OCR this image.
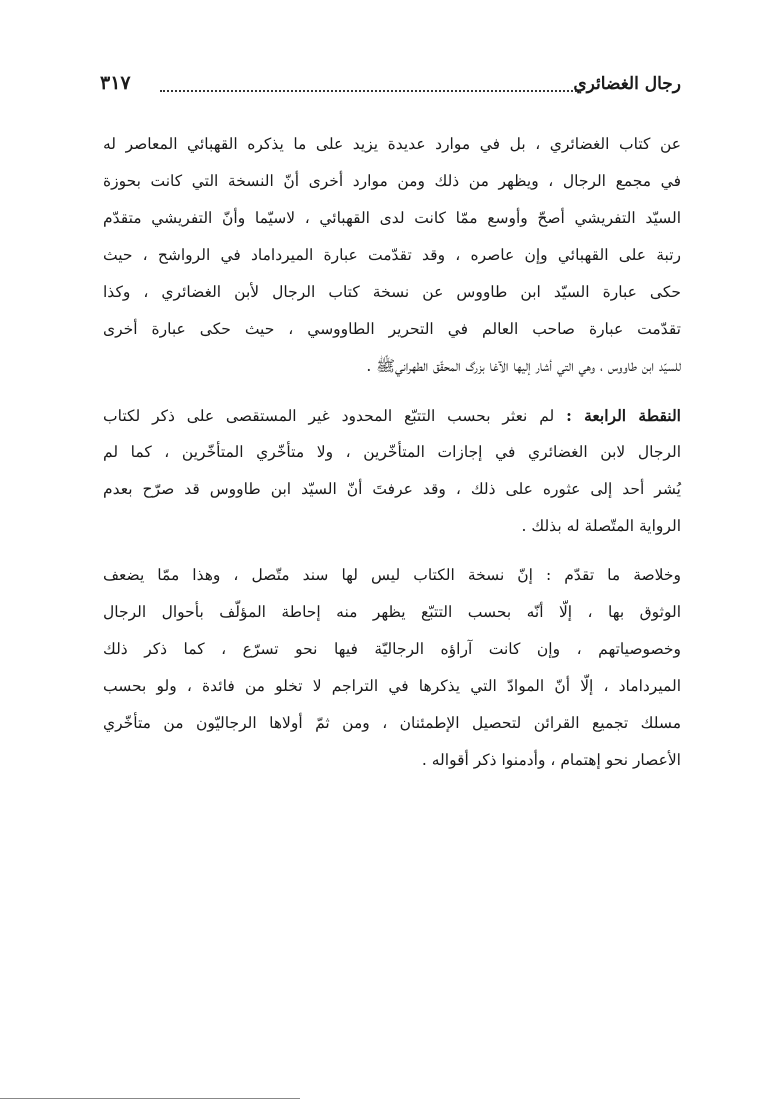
رجال الغضائري
٣١٧

عن كتاب الغضائري ، بل في موارد عديدة يزيد على ما يذكره القهبائي المعاصر له
في مجمع الرجال ، ويظهر من ذلك ومن موارد أخرى أنّ النسخة التي كانت بحوزة
السيّد التفريشي أصحّ وأوسع ممّا كانت لدى القهبائي ، لاسيّما وأنّ التفريشي متقدّم
رتبة على القهبائي وإن عاصره ، وقد تقدّمت عبارة الميرداماد في الرواشح ، حيث
حكى عبارة السيّد ابن طاووس عن نسخة كتاب الرجال لأبن الغضائري ، وكذا
تقدّمت عبارة صاحب العالم في التحرير الطاووسي ، حيث حكى عبارة أخرى
للسيّد ابن طاووس ، وهي التي أشار إليها الآغا بزرگ المحقّق الطهراني‏ﷺ .

النقطة الرابعة : لم نعثر بحسب التتبّع المحدود غير المستقصى على ذكر لكتاب
الرجال لابن الغضائري في إجازات المتأخّرين ، ولا متأخّري المتأخّرين ، كما لم
يُشر أحد إلى عثوره على ذلك ، وقد عرفتَ أنّ السيّد ابن طاووس قد صرّح بعدم
الرواية المتّصلة له بذلك .

وخلاصة ما تقدّم : إنّ نسخة الكتاب ليس لها سند متّصل ، وهذا ممّا يضعف
الوثوق بها ، إلّا أنّه بحسب التتبّع يظهر منه إحاطة المؤلّف بأحوال الرجال
وخصوصياتهم ، وإن كانت آراؤه الرجاليّة فيها نحو تسرّع ، كما ذكر ذلك
الميرداماد ، إلّا أنّ الموادّ التي يذكرها في التراجم لا تخلو من فائدة ، ولو بحسب
مسلك تجميع القرائن لتحصيل الإطمئنان ، ومن ثمّ أولاها الرجاليّون من متأخّري
الأعصار نحو إهتمام ، وأدمنوا ذكر أقواله .
